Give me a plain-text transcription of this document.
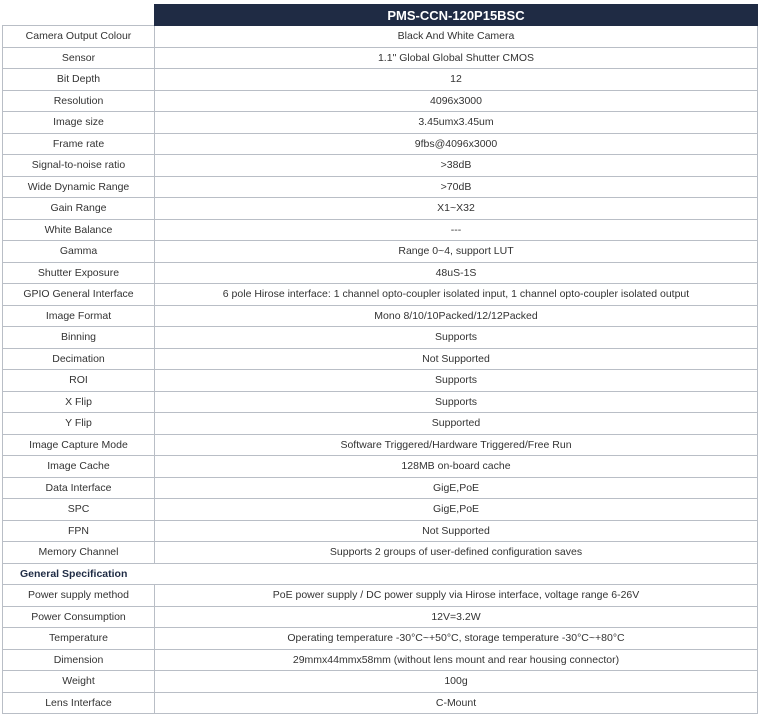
	PMS-CCN-120P15BSC
Camera Output Colour	Black And White Camera
Sensor	1.1" Global Global Shutter CMOS
Bit Depth	12
Resolution	4096x3000
Image size	3.45umx3.45um
Frame rate	9fbs@4096x3000
Signal-to-noise ratio	>38dB
Wide Dynamic Range	>70dB
Gain Range	X1~X32
White Balance	---
Gamma	Range 0~4, support LUT
Shutter Exposure	48uS-1S
GPIO General Interface	6 pole Hirose interface: 1 channel opto-coupler isolated input, 1 channel opto-coupler isolated output
Image Format	Mono 8/10/10Packed/12/12Packed
Binning	Supports
Decimation	Not Supported
ROI	Supports
X Flip	Supports
Y Flip	Supported
Image Capture Mode	Software Triggered/Hardware Triggered/Free Run
Image Cache	128MB on-board cache
Data Interface	GigE,PoE
SPC	GigE,PoE
FPN	Not Supported
Memory Channel	Supports 2 groups of user-defined configuration saves
General Specification	
Power supply method	PoE power supply / DC power supply via Hirose interface, voltage range 6-26V
Power Consumption	12V=3.2W
Temperature	Operating temperature -30°C~+50°C, storage temperature -30°C~+80°C
Dimension	29mmx44mmx58mm (without lens mount and rear housing connector)
Weight	100g
Lens Interface	C-Mount
